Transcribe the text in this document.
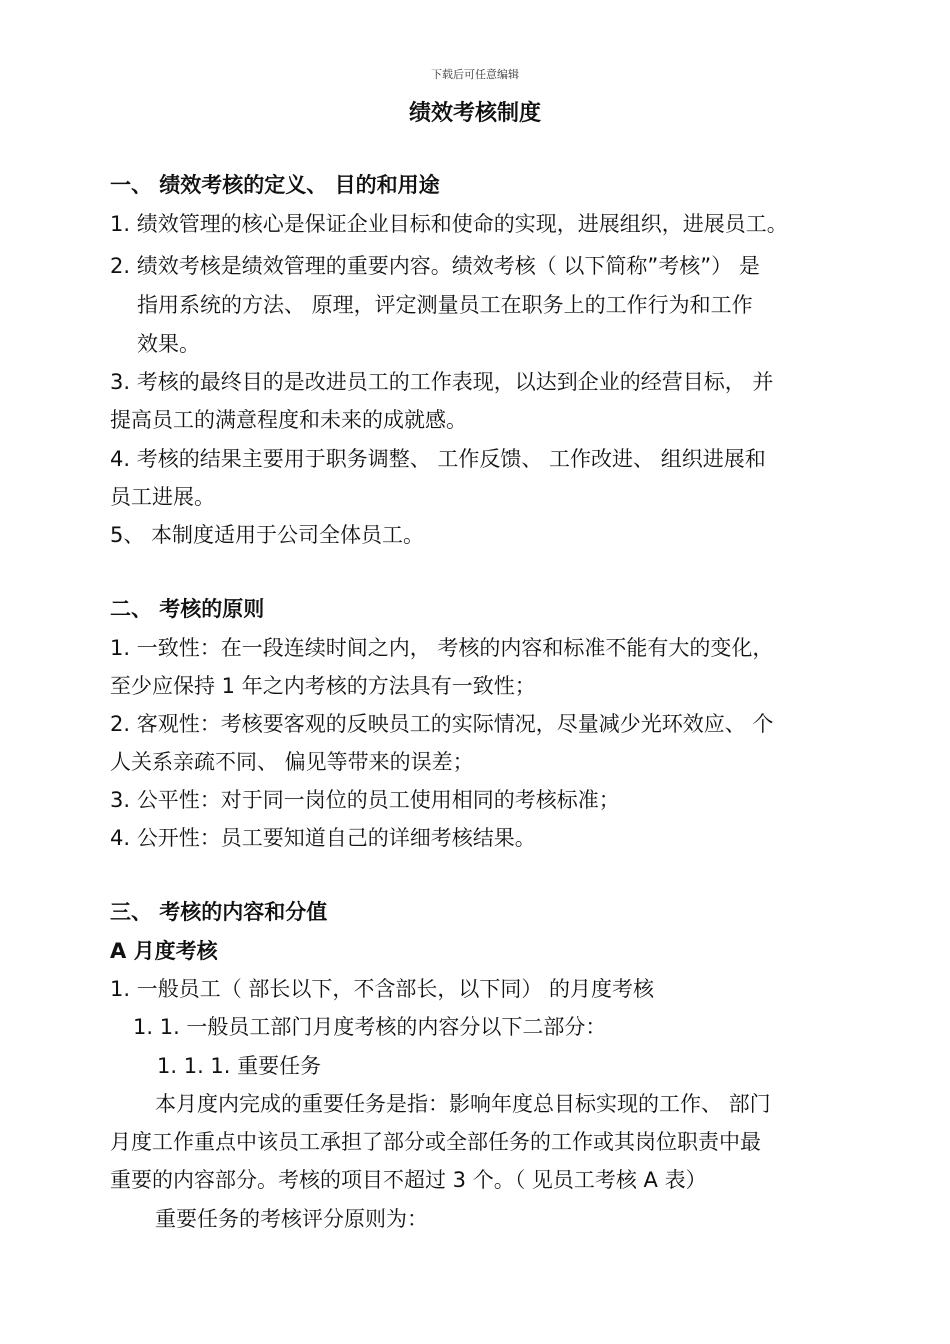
下载后可任意编辑
绩效考核制度
一、 绩效考核的定义、 目的和用途
1. 绩效管理的核心是保证企业目标和使命的实现，进展组织，进展员工。
2. 绩效考核是绩效管理的重要内容。绩效考核（ 以下简称”考核”） 是
指用系统的方法、 原理，评定测量员工在职务上的工作行为和工作
效果。
3. 考核的最终目的是改进员工的工作表现，以达到企业的经营目标， 并
提高员工的满意程度和未来的成就感。
4. 考核的结果主要用于职务调整、 工作反馈、 工作改进、 组织进展和
员工进展。
5、 本制度适用于公司全体员工。
二、 考核的原则
1. 一致性：在一段连续时间之内， 考核的内容和标准不能有大的变化，
至少应保持 1 年之内考核的方法具有一致性；
2. 客观性：考核要客观的反映员工的实际情况，尽量减少光环效应、 个
人关系亲疏不同、 偏见等带来的误差；
3. 公平性：对于同一岗位的员工使用相同的考核标准；
4. 公开性：员工要知道自己的详细考核结果。
三、 考核的内容和分值
A 月度考核
1. 一般员工（ 部长以下，不含部长，以下同） 的月度考核
1. 1. 一般员工部门月度考核的内容分以下二部分：
1. 1. 1. 重要任务
本月度内完成的重要任务是指：影响年度总目标实现的工作、 部门
月度工作重点中该员工承担了部分或全部任务的工作或其岗位职责中最
重要的内容部分。考核的项目不超过 3 个。（ 见员工考核 A 表）
重要任务的考核评分原则为：
